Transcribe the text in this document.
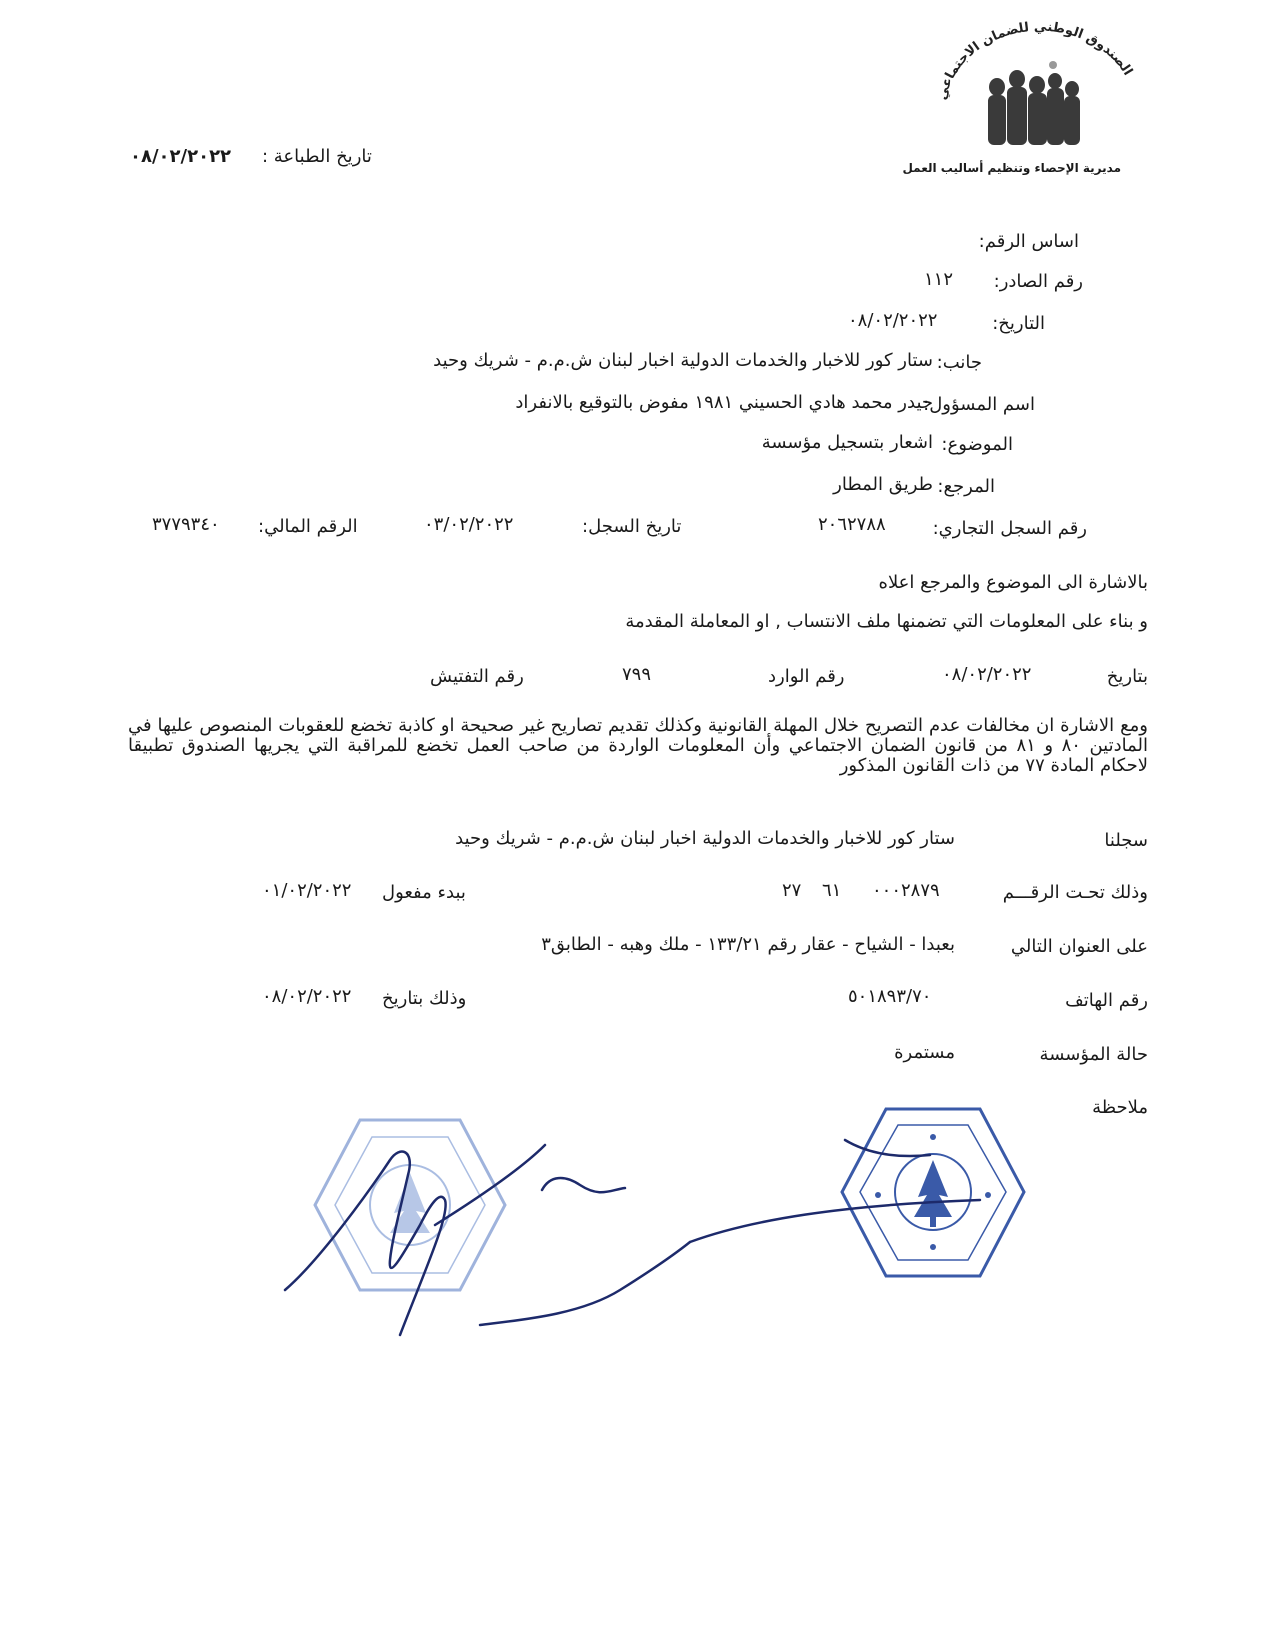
الصندوق الوطني للضمان الاجتماعي
مديرية الإحصاء وتنظيم أساليب العمل
تاريخ الطباعة :
٠٨/٠٢/٢٠٢٢
اساس الرقم:
رقم الصادر:
١١٢
التاريخ:
٠٨/٠٢/٢٠٢٢
جانب:
ستار كور للاخبار والخدمات الدولية اخبار لبنان ش.م.م - شريك وحيد
اسم المسؤول:
حيدر محمد هادي الحسيني ١٩٨١ مفوض بالتوقيع بالانفراد
الموضوع:
اشعار بتسجيل مؤسسة
المرجع:
طريق المطار
رقم السجل التجاري:
٢٠٦٢٧٨٨
تاريخ السجل:
٠٣/٠٢/٢٠٢٢
الرقم المالي:
٣٧٧٩٣٤٠
بالاشارة الى الموضوع والمرجع اعلاه
و بناء على المعلومات التي تضمنها ملف الانتساب , او المعاملة المقدمة
بتاريخ
٠٨/٠٢/٢٠٢٢
رقم الوارد
٧٩٩
رقم التفتيش
ومع الاشارة ان مخالفات عدم التصريح خلال المهلة القانونية وكذلك تقديم تصاريح غير صحيحة او كاذبة تخضع للعقوبات المنصوص عليها في المادتين ٨٠ و ٨١ من قانون الضمان الاجتماعي وأن المعلومات الواردة من صاحب العمل تخضع للمراقبة التي يجريها الصندوق تطبيقا لاحكام المادة ٧٧ من ذات القانون المذكور
سجلنا
ستار كور للاخبار والخدمات الدولية اخبار لبنان ش.م.م - شريك وحيد
وذلك تحـت الرقـــم
٠٠٠٢٨٧٩
٦١
٢٧
ببدء مفعول
٠١/٠٢/٢٠٢٢
على العنوان التالي
بعبدا - الشياح - عقار رقم ١٣٣/٢١ - ملك وهبه - الطابق٣
رقم الهاتف
٥٠١٨٩٣/٧٠
وذلك بتاريخ
٠٨/٠٢/٢٠٢٢
حالة المؤسسة
مستمرة
ملاحظة
